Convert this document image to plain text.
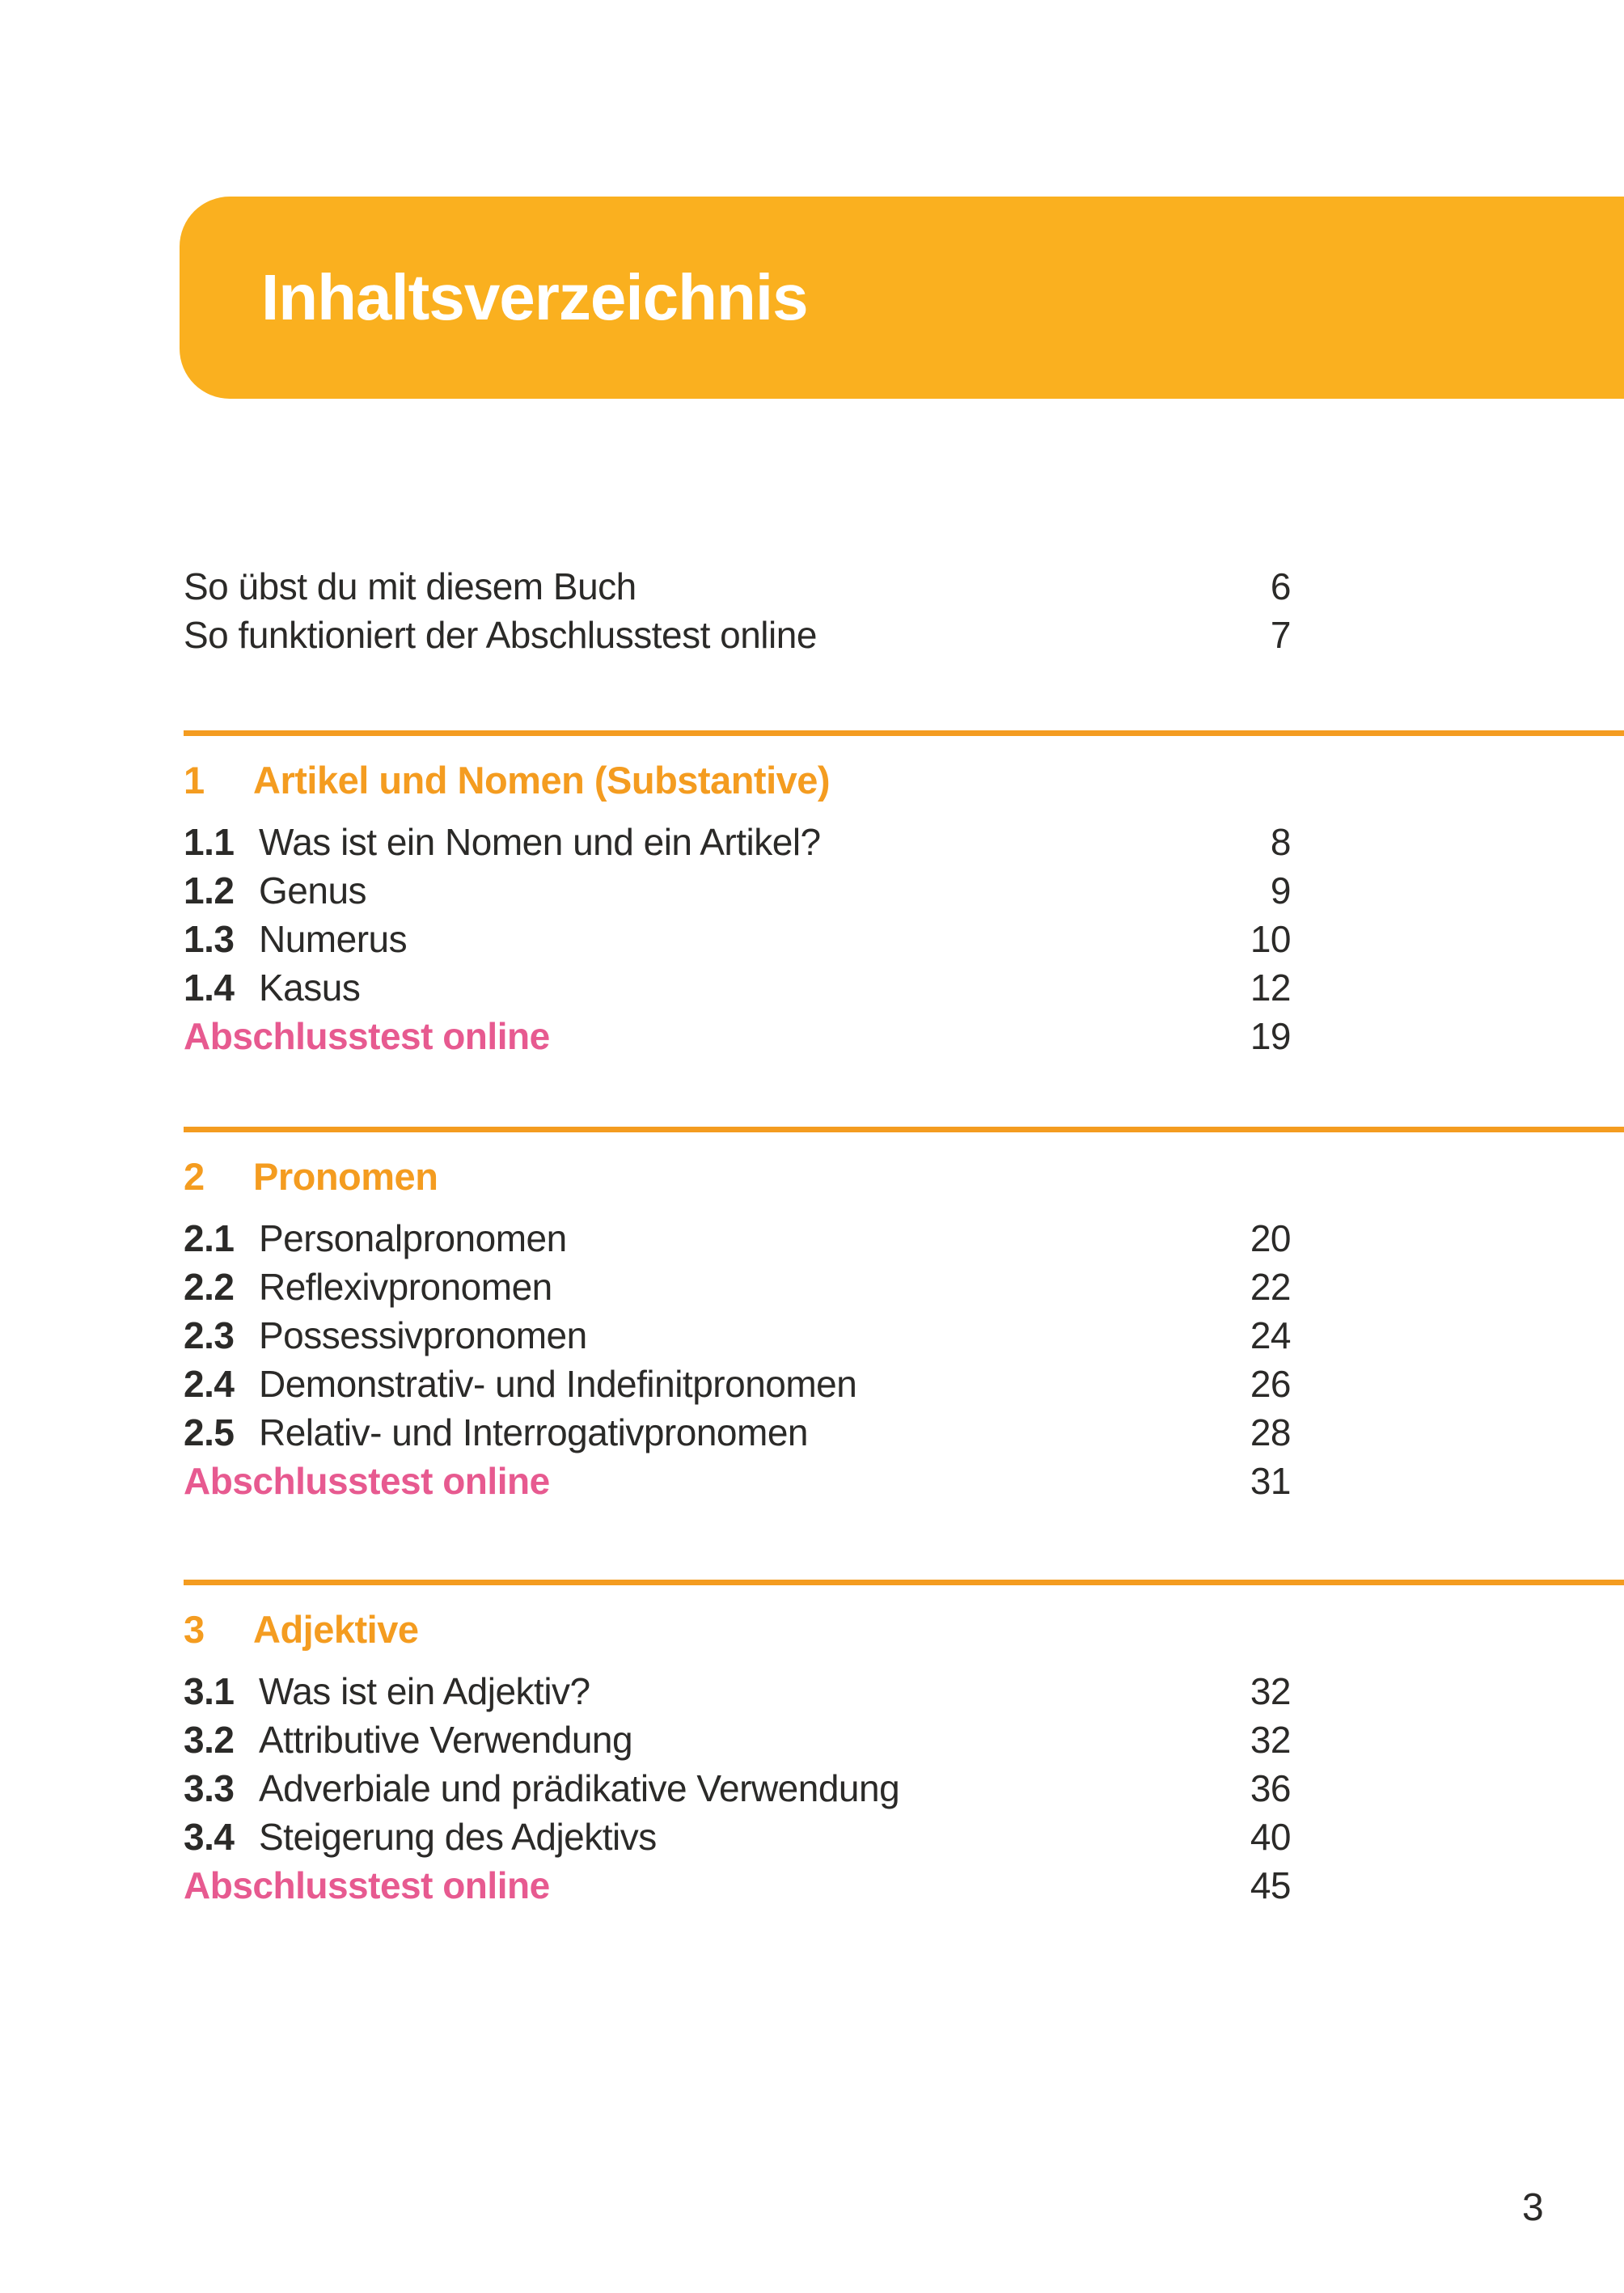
Inhaltsverzeichnis
So übst du mit diesem Buch	6
So funktioniert der Abschlusstest online	7
1 Artikel und Nomen (Substantive)
1.1 Was ist ein Nomen und ein Artikel?	8
1.2 Genus	9
1.3 Numerus	10
1.4 Kasus	12
Abschlusstest online	19
2 Pronomen
2.1 Personalpronomen	20
2.2 Reflexivpronomen	22
2.3 Possessivpronomen	24
2.4 Demonstrativ- und Indefinitpronomen	26
2.5 Relativ- und Interrogativpronomen	28
Abschlusstest online	31
3 Adjektive
3.1 Was ist ein Adjektiv?	32
3.2 Attributive Verwendung	32
3.3 Adverbiale und prädikative Verwendung	36
3.4 Steigerung des Adjektivs	40
Abschlusstest online	45
3
